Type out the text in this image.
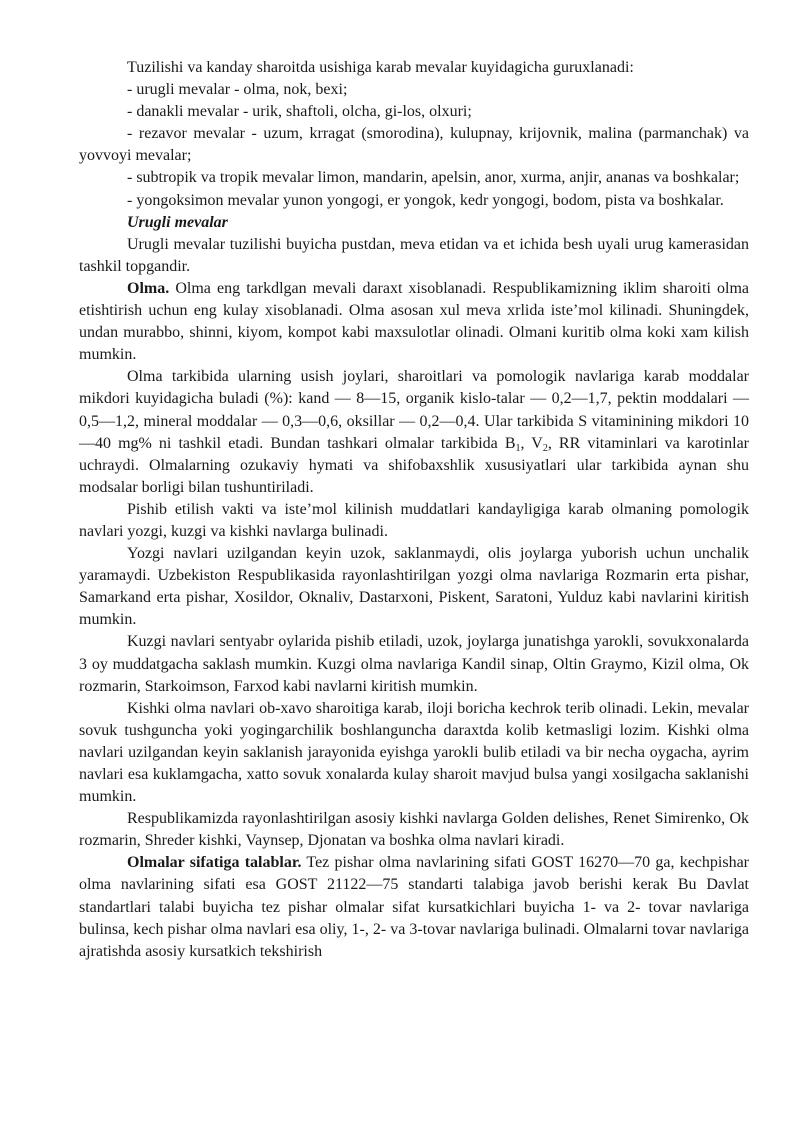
Tuzilishi va kanday sharoitda usishiga karab mevalar kuyidagicha guruxlanadi:

- urugli mevalar - olma, nok, bexi;

- danakli mevalar - urik, shaftoli, olcha, gi-los, olxuri;

- rezavor mevalar - uzum, krragat (smorodina), kulupnay, krijovnik, malina (parmanchak) va yovvoyi mevalar;

- subtropik va tropik mevalar limon, mandarin, apelsin, anor, xurma, anjir, ananas va boshkalar;

- yongoksimon mevalar yunon yongogi, er yongok, kedr yongogi, bodom, pista va boshkalar.

Urugli mevalar

Urugli mevalar tuzilishi buyicha pustdan, meva etidan va et ichida besh uyali urug kamerasidan tashkil topgandir.

Olma. Olma eng tarkdlgan mevali daraxt xisoblanadi. Respublikamizning iklim sharoiti olma etishtirish uchun eng kulay xisoblanadi. Olma asosan xul meva xrlida iste’mol kilinadi. Shuningdek, undan murabbo, shinni, kiyom, kompot kabi maxsulotlar olinadi. Olmani kuritib olma koki xam kilish mumkin.

Olma tarkibida ularning usish joylari, sharoitlari va pomologik navlariga karab moddalar mikdori kuyidagicha buladi (%): kand — 8—15, organik kislo-talar — 0,2—1,7, pektin moddalari — 0,5—1,2, mineral moddalar — 0,3—0,6, oksillar — 0,2—0,4. Ular tarkibida S vitaminining mikdori 10—40 mg% ni tashkil etadi. Bundan tashkari olmalar tarkibida $B_1$, $V_2$, RR vitaminlari va karotinlar uchraydi. Olmalarning ozukaviy hymati va shifobaxshlik xususiyatlari ular tarkibida aynan shu modsalar borligi bilan tushuntiriladi.

Pishib etilish vakti va iste’mol kilinish muddatlari kandayligiga karab olmaning pomologik navlari yozgi, kuzgi va kishki navlarga bulinadi.

Yozgi navlari uzilgandan keyin uzok, saklanmaydi, olis joylarga yuborish uchun unchalik yaramaydi. Uzbekiston Respublikasida rayonlashtirilgan yozgi olma navlariga Rozmarin erta pishar, Samarkand erta pishar, Xosildor, Oknaliv, Dastarxoni, Piskent, Saratoni, Yulduz kabi navlarini kiritish mumkin.

Kuzgi navlari sentyabr oylarida pishib etiladi, uzok, joylarga junatishga yarokli, sovukxonalarda 3 oy muddatgacha saklash mumkin. Kuzgi olma navlariga Kandil sinap, Oltin Graymo, Kizil olma, Ok rozmarin, Starkoimson, Farxod kabi navlarni kiritish mumkin.

Kishki olma navlari ob-xavo sharoitiga karab, iloji boricha kechrok terib olinadi. Lekin, mevalar sovuk tushguncha yoki yogingarchilik boshlanguncha daraxtda kolib ketmasligi lozim. Kishki olma navlari uzilgandan keyin saklanish jarayonida eyishga yarokli bulib etiladi va bir necha oygacha, ayrim navlari esa kuklamgacha, xatto sovuk xonalarda kulay sharoit mavjud bulsa yangi xosilgacha saklanishi mumkin.

Respublikamizda rayonlashtirilgan asosiy kishki navlarga Golden delishes, Renet Simirenko, Ok rozmarin, Shreder kishki, Vaynsep, Djonatan va boshka olma navlari kiradi.

Olmalar sifatiga talablar. Tez pishar olma navlarining sifati GOST 16270—70 ga, kechpishar olma navlarining sifati esa GOST 21122—75 standarti talabiga javob berishi kerak Bu Davlat standartlari talabi buyicha tez pishar olmalar sifat kursatkichlari buyicha 1- va 2- tovar navlariga bulinsa, kech pishar olma navlari esa oliy, 1-, 2- va 3-tovar navlariga bulinadi. Olmalarni tovar navlariga ajratishda asosiy kursatkich tekshirish
